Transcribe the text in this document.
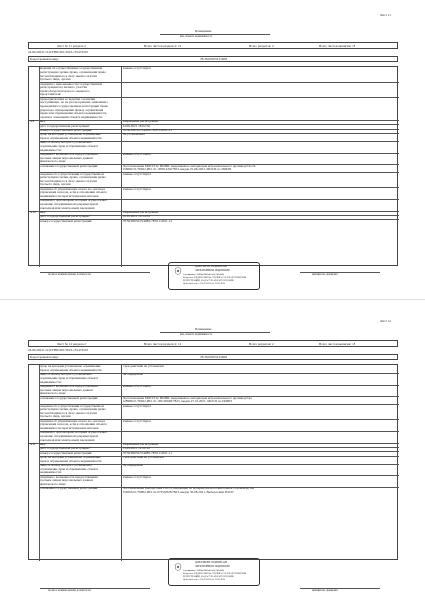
Лист 11
Помещение
вид объекта недвижимости
Лист № 11 раздела 2	Всего листов раздела 2: 12	Всего разделов: 2	Всего листов выписки: 18
24.06.2023г. № КУВИ-001/2023-155474310
Кадастровый номер:	78:36:0005523:4089
ведения об осуществлении государственной
регистрации сделки, права, ограничения права
без необходимого в силу закона согласия
третьего лица, органа:
данные отсутствуют
сведения о невозможности государственной
регистрации без личного участия
правообладателя или его законного
представителя:
правопритязания и сведения о наличии
поступивших, но не рассмотренных заявлений о
проведении государственной регистрации права
(перехода, прекращения права), ограничения
права или обременения объекта недвижимости,
сделки в отношении объекта недвижимости:
4.9 вид:	Запрещение регистрации
дата государственной регистрации:	04.06.2021 18:02:56
номер государственной регистрации:	78:36:0005523:4089-78/011/2021-13
срок, на который установлено ограничение
прав и обременение объекта недвижимости:
Не установлено
лицо, в пользу которого установлено
ограничение прав и обременение объекта
недвижимости:
сведения о возможности предоставления
третьим лицам персональных данных
физического лица:
данные отсутствуют
основание государственной регистрации:	Постановление МОСП по ИОИП, выданный по материалам исполнительного производства №
256082/21/78022-ИП, № 195814/69/7823, выдан 01.06.2022, МОСП по ИОИП
сведения об осуществлении государственной
регистрации сделки, права, ограничения права
без необходимого в силу закона согласия
третьего лица, органа:
данные отсутствуют
сведения об управляющем залоге и о договоре
управления залогом, если в отношении объекта
недвижимости зарегистрирована ипотека:
данные отсутствуют
сведения о депозитарии, который осуществляет
хранение обездвиженной документарной
закладной или электронной закладной:
4.10 вид:	Запрещение регистрации
дата государственной регистрации:	28.10.2021 10:54:59
номер государственной регистрации:	78:36:0005523:4089-78/011/2021-12
полное наименование должности	инициалы, фамилия
ДОКУМЕНТ ПОДПИСАН
ЭЛЕКТРОННОЙ ПОДПИСЬЮ
Сертификат: 1fd8dad3b9a0e6e0c7b1a0d4
Владелец: ФЕДЕРАЛЬНАЯ СЛУЖБА ГОСУДАРСТВЕННОЙ
РЕГИСТРАЦИИ, КАДАСТРА И КАРТОГРАФИИ
Действителен: с 20.02.2023 по 15.05.2024
Лист 12
Помещение
вид объекта недвижимости
Лист № 12 раздела 2	Всего листов раздела 2: 12	Всего разделов: 2	Всего листов выписки: 18
24.06.2023г. № КУВИ-001/2023-155474310
Кадастровый номер:	78:36:0005523:4089
срок, на который установлено ограничение
прав и обременение объекта недвижимости:
Срок действия не установлен
лицо, в пользу которого установлено
ограничение прав и обременение объекта
недвижимости:
Не определено
сведения о возможности предоставления
третьим лицам персональных данных
физического лица:
данные отсутствуют
основание государственной регистрации:	Постановление МОСП по ИОИП, выданный по материалам исполнительного производства
128989/21/78022-ИП, № 195195648/7823, выдан 27.10.2021, МОСП по ИОИП
сведения об осуществлении государственной
регистрации сделки, права, ограничения права
без необходимого в силу закона согласия
третьего лица, органа:
данные отсутствуют
сведения об управляющем залоге и о договоре
управления залогом, если в отношении объекта
недвижимости зарегистрирована ипотека:
данные отсутствуют
сведения о депозитарии, который осуществляет
хранение обездвиженной документарной
закладной или электронной закладной:
4.11 вид:	Запрещение регистрации
дата государственной регистрации:	03.09.2021 12:20:16
номер государственной регистрации:	78:36:0005523:4089-78/011/2021-11
срок, на который установлено ограничение
прав и обременение объекта недвижимости:
Срок действия не установлен
лицо, в пользу которого установлено
ограничение прав и обременение объекта
недвижимости:
Не определено
сведения о возможности предоставления
третьим лицам персональных данных
физического лица:
данные отсутствуют
основание государственной регистрации:	Постановление Выборгский РОСП, выданный по материалам исполнительного производства
254063/21/78002-ИП, № 07350/828/7823, выдан 30.08.2021, Выборгский РОСП
ДОКУМЕНТ ПОДПИСАН
ЭЛЕКТРОННОЙ ПОДПИСЬЮ
Сертификат: 1fd8dad3b9a0e6e0c7b1a0d4
Владелец: ФЕДЕРАЛЬНАЯ СЛУЖБА ГОСУДАРСТВЕННОЙ
РЕГИСТРАЦИИ, КАДАСТРА И КАРТОГРАФИИ
Действителен: с 20.02.2023 по 15.05.2024
полное наименование должности	инициалы, фамилия
